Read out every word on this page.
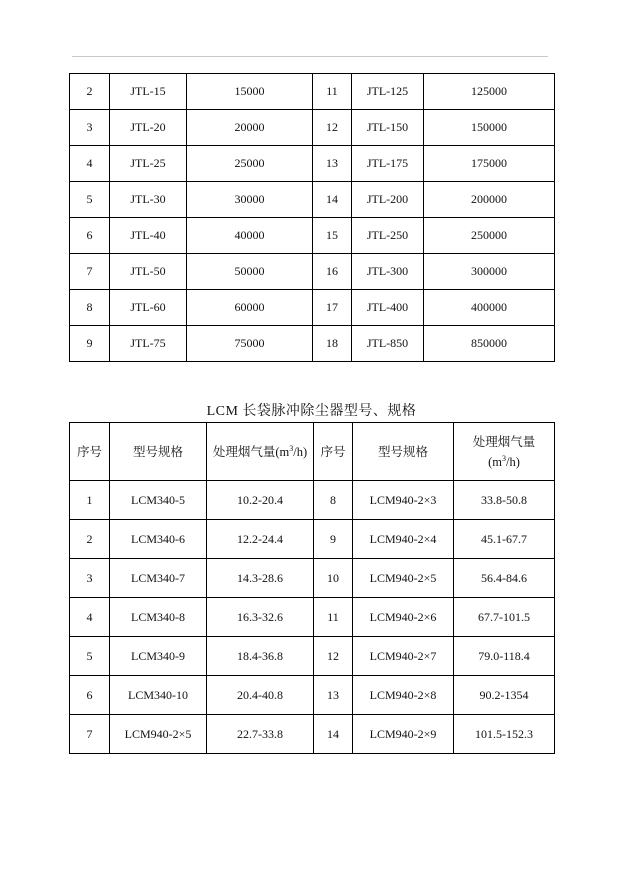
2	JTL-15	15000	11	JTL-125	125000
3	JTL-20	20000	12	JTL-150	150000
4	JTL-25	25000	13	JTL-175	175000
5	JTL-30	30000	14	JTL-200	200000
6	JTL-40	40000	15	JTL-250	250000
7	JTL-50	50000	16	JTL-300	300000
8	JTL-60	60000	17	JTL-400	400000
9	JTL-75	75000	18	JTL-850	850000
LCM 长袋脉冲除尘器型号、规格
序号	型号规格	处理烟气量$(m^3/h)$	序号	型号规格	处理烟气量
$(m^3/h)$
1	LCM340-5	10.2-20.4	8	LCM940-2×3	33.8-50.8
2	LCM340-6	12.2-24.4	9	LCM940-2×4	45.1-67.7
3	LCM340-7	14.3-28.6	10	LCM940-2×5	56.4-84.6
4	LCM340-8	16.3-32.6	11	LCM940-2×6	67.7-101.5
5	LCM340-9	18.4-36.8	12	LCM940-2×7	79.0-118.4
6	LCM340-10	20.4-40.8	13	LCM940-2×8	90.2-1354
7	LCM940-2×5	22.7-33.8	14	LCM940-2×9	101.5-152.3
